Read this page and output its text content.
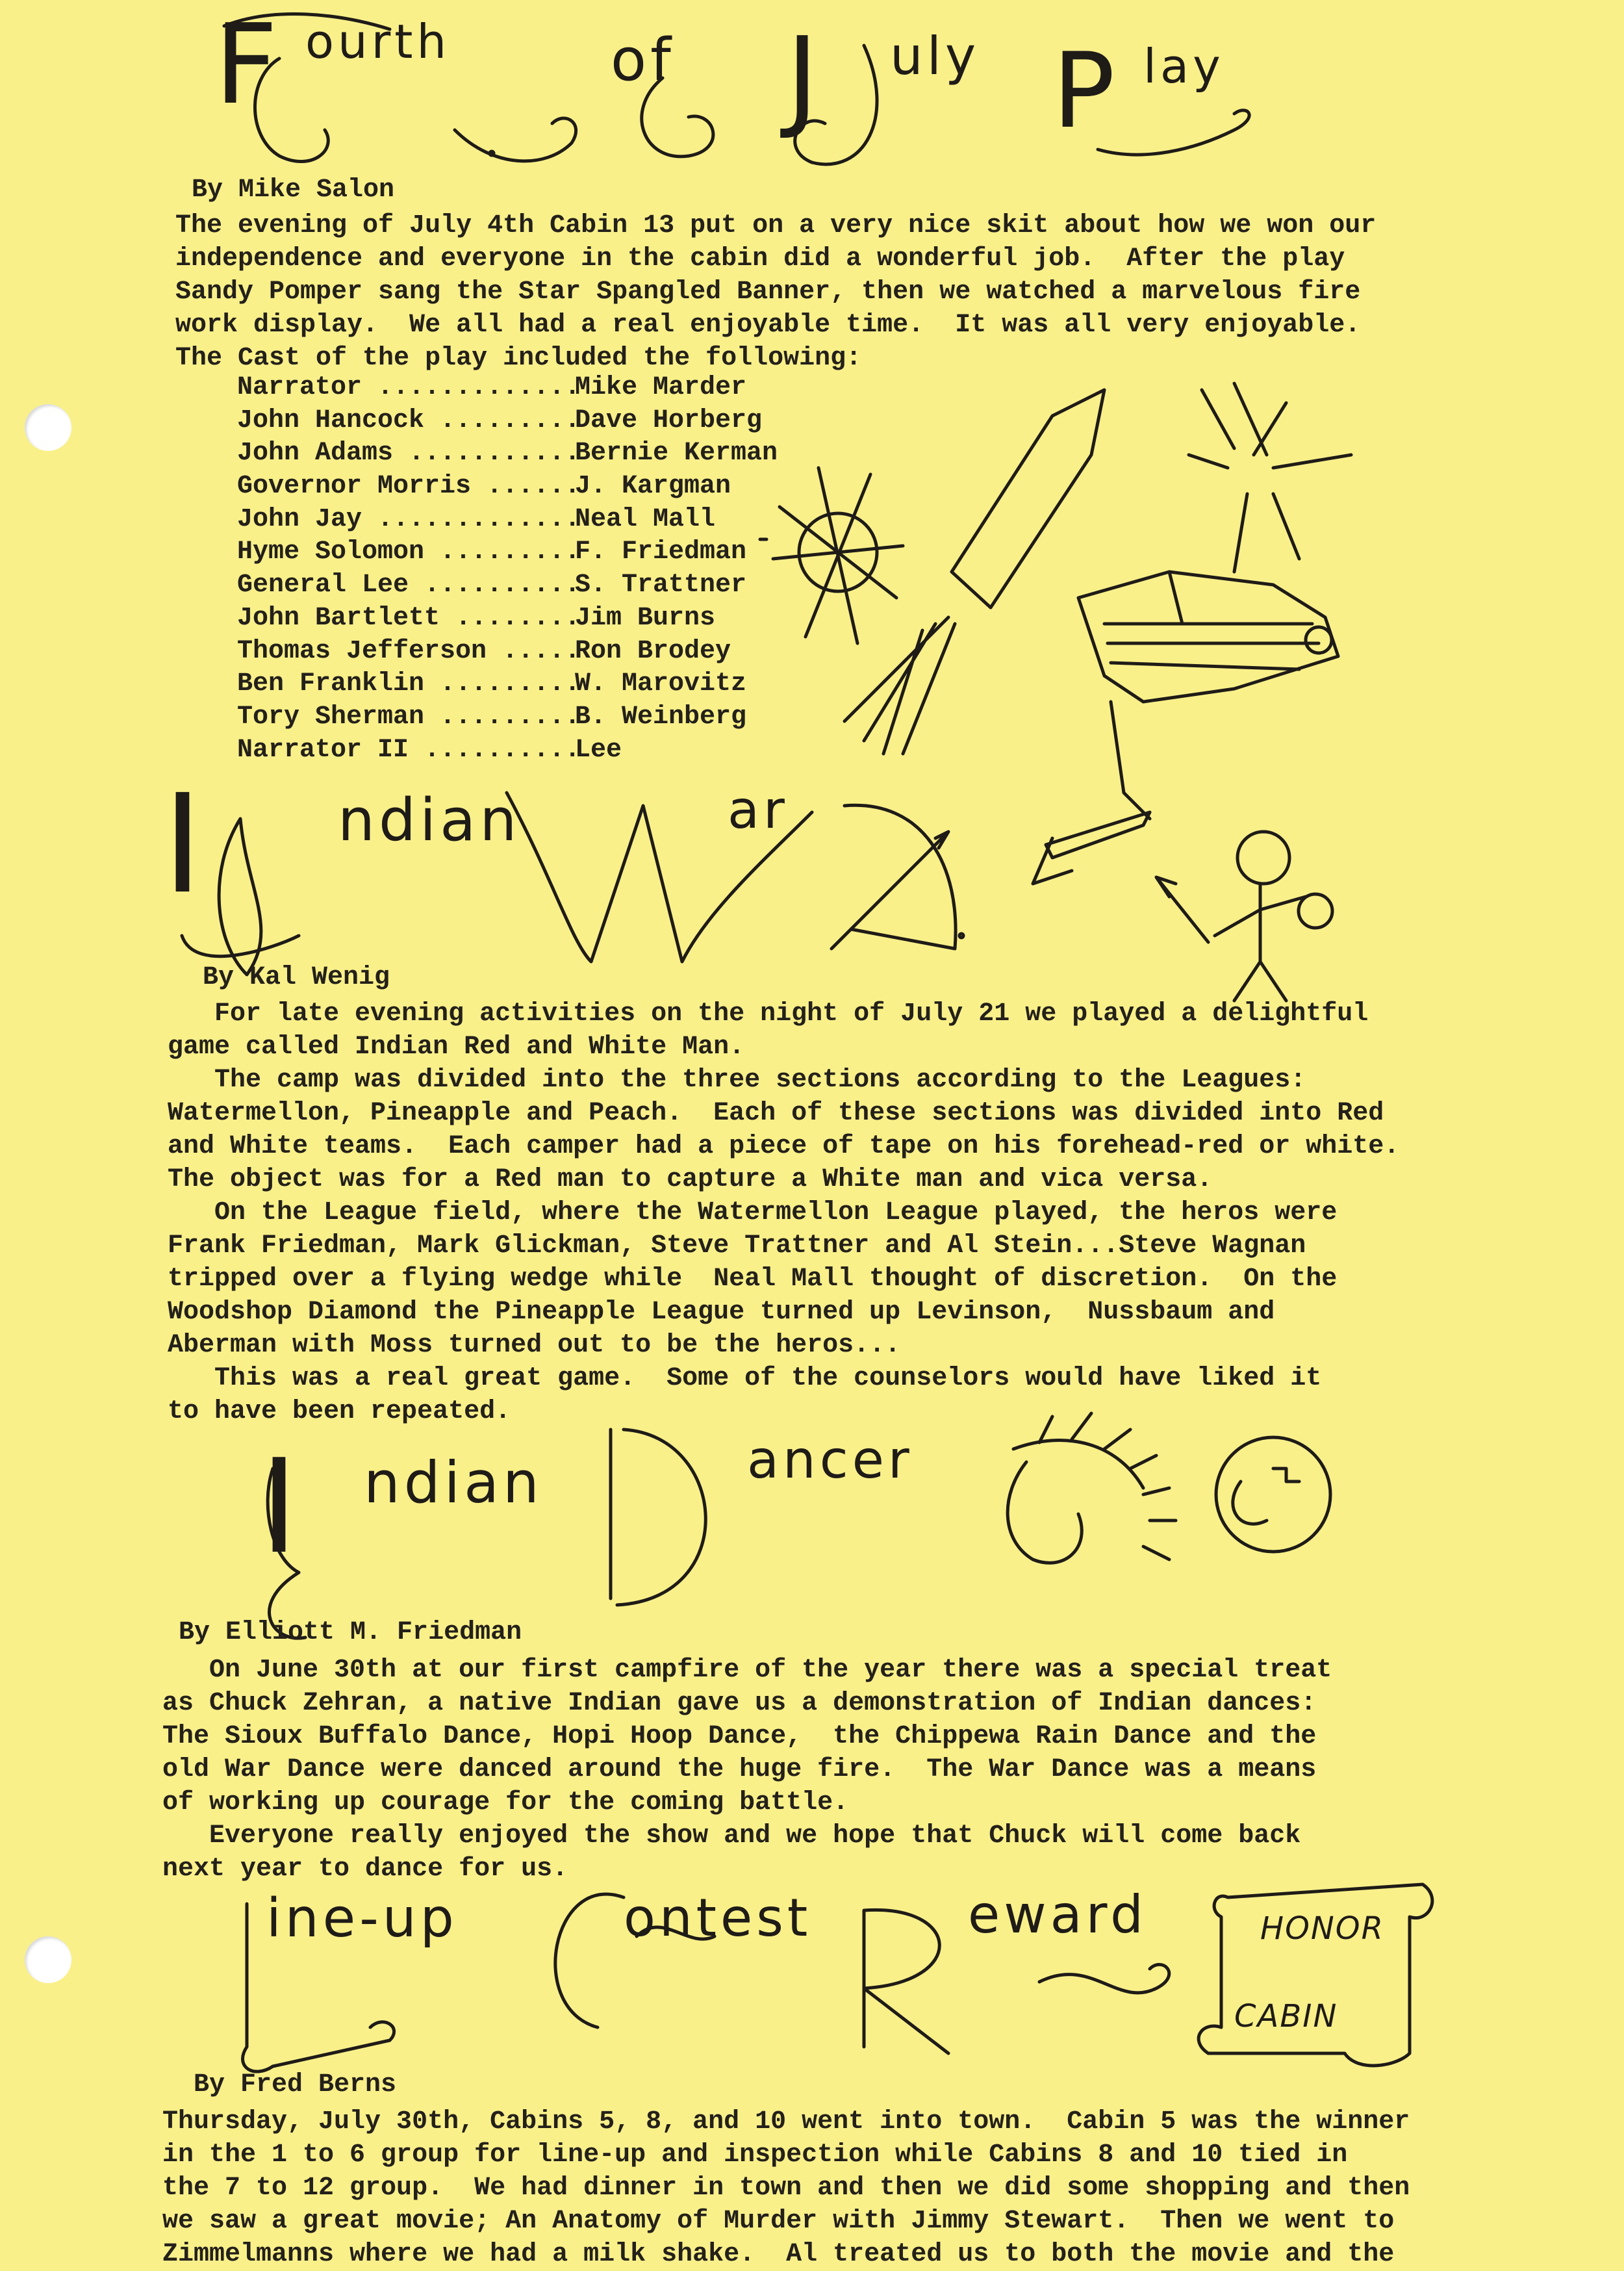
F ourth	of J uly P lay
By Mike Salon
The evening of July 4th Cabin 13 put on a very nice skit about how we won our
independence and everyone in the cabin did a wonderful job.  After the play
Sandy Pomper sang the Star Spangled Banner, then we watched a marvelous fire
work display.  We all had a real enjoyable time.  It was all very enjoyable.
The Cast of the play included the following:
Narrator .....	Mike Marder
John Hancock .....	Dave Horberg
John Adams .....	Bernie Kerman
Governor Morris .....	J. Kargman
John Jay .....	Neal Mall
Hyme Solomon .....	F. Friedman
General Lee .....	S. Trattner
John Bartlett .....	Jim Burns
Thomas Jefferson .....	Ron Brodey
Ben Franklin .....	W. Marovitz
Tory Sherman .....	B. Weinberg
Narrator II .....	Lee
I ndian	ar
By Kal Wenig
For late evening activities on the night of July 21 we played a delightful
game called Indian Red and White Man.
The camp was divided into the three sections according to the Leagues:
Watermellon, Pineapple and Peach.  Each of these sections was divided into Red
and White teams.  Each camper had a piece of tape on his forehead-red or white.
The object was for a Red man to capture a White man and vica versa.
On the League field, where the Watermellon League played, the heros were
Frank Friedman, Mark Glickman, Steve Trattner and Al Stein...Steve Wagnan
tripped over a flying wedge while  Neal Mall thought of discretion.  On the
Woodshop Diamond the Pineapple League turned up Levinson,  Nussbaum and
Aberman with Moss turned out to be the heros...
This was a real great game.  Some of the counselors would have liked it
to have been repeated.
I ndian	ancer
By Elliott M. Friedman
On June 30th at our first campfire of the year there was a special treat
as Chuck Zehran, a native Indian gave us a demonstration of Indian dances:
The Sioux Buffalo Dance, Hopi Hoop Dance,  the Chippewa Rain Dance and the
old War Dance were danced around the huge fire.  The War Dance was a means
of working up courage for the coming battle.
Everyone really enjoyed the show and we hope that Chuck will come back
next year to dance for us.
ine-up	ontest	eward	HONOR
CABIN
By Fred Berns
Thursday, July 30th, Cabins 5, 8, and 10 went into town.  Cabin 5 was the winner
in the 1 to 6 group for line-up and inspection while Cabins 8 and 10 tied in
the 7 to 12 group.  We had dinner in town and then we did some shopping and then
we saw a great movie; An Anatomy of Murder with Jimmy Stewart.  Then we went to
Zimmelmanns where we had a milk shake.  Al treated us to both the movie and the
